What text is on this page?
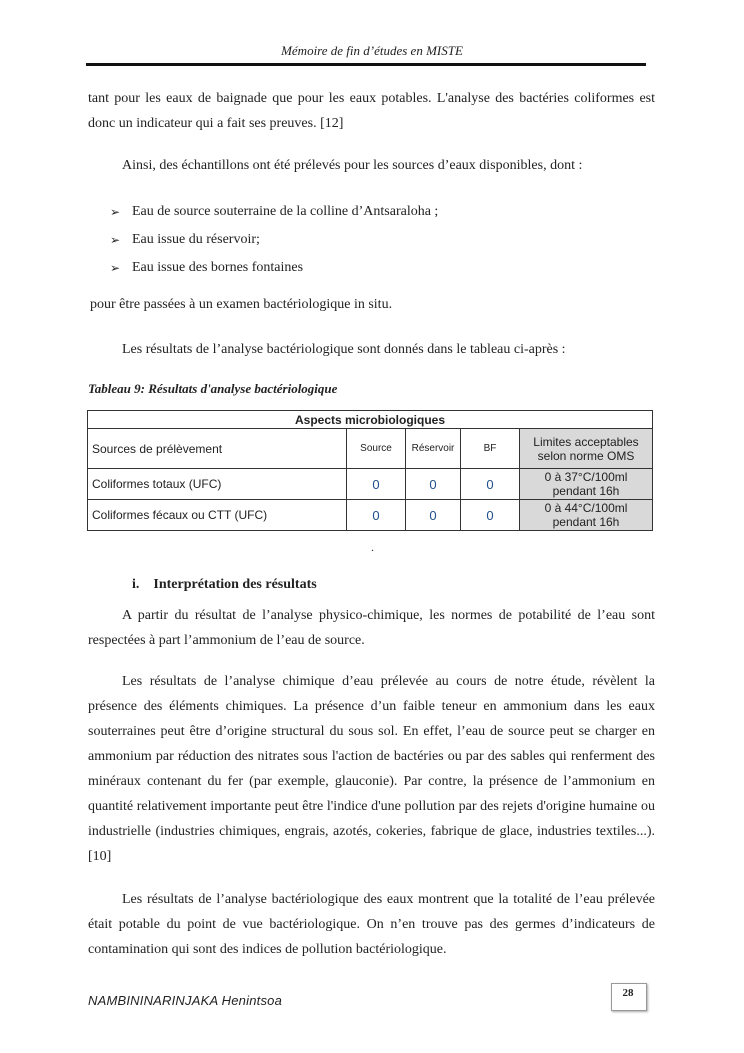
Mémoire de fin d’études en MISTE
tant pour les eaux de baignade que pour les eaux potables. L'analyse des bactéries coliformes est donc un indicateur qui a fait ses preuves. [12]
Ainsi, des échantillons ont été prélevés pour les sources d’eaux disponibles, dont :
➢ Eau de source souterraine de la colline d’Antsaraloha ;
➢ Eau issue du réservoir;
➢ Eau issue des bornes fontaines
pour être passées à un examen bactériologique in situ.
Les résultats de l’analyse bactériologique sont donnés dans le tableau ci-après :
Tableau 9: Résultats d'analyse bactériologique
Aspects microbiologiques				
Sources de prélèvement	Source	Réservoir	BF	Limites acceptables selon norme OMS
Coliformes totaux (UFC)	0	0	0	0 à 37°C/100ml pendant 16h
Coliformes fécaux ou CTT (UFC)	0	0	0	0 à 44°C/100ml pendant 16h
.
i. Interprétation des résultats
A partir du résultat de l’analyse physico-chimique, les normes de potabilité de l’eau sont respectées à part l’ammonium de l’eau de source.
Les résultats de l’analyse chimique d’eau prélevée au cours de notre étude, révèlent la présence des éléments chimiques. La présence d’un faible teneur en ammonium dans les eaux souterraines peut être d’origine structural du sous sol. En effet, l’eau de source peut se charger en ammonium par réduction des nitrates sous l'action de bactéries ou par des sables qui renferment des minéraux contenant du fer (par exemple, glauconie). Par contre, la présence de l’ammonium en quantité relativement importante peut être l'indice d'une pollution par des rejets d'origine humaine ou industrielle (industries chimiques, engrais, azotés, cokeries, fabrique de glace, industries textiles...). [10]
Les résultats de l’analyse bactériologique des eaux montrent que la totalité de l’eau prélevée était potable du point de vue bactériologique. On n’en trouve pas des germes d’indicateurs de contamination qui sont des indices de pollution bactériologique.
NAMBININARINJAKA Henintsoa	28
